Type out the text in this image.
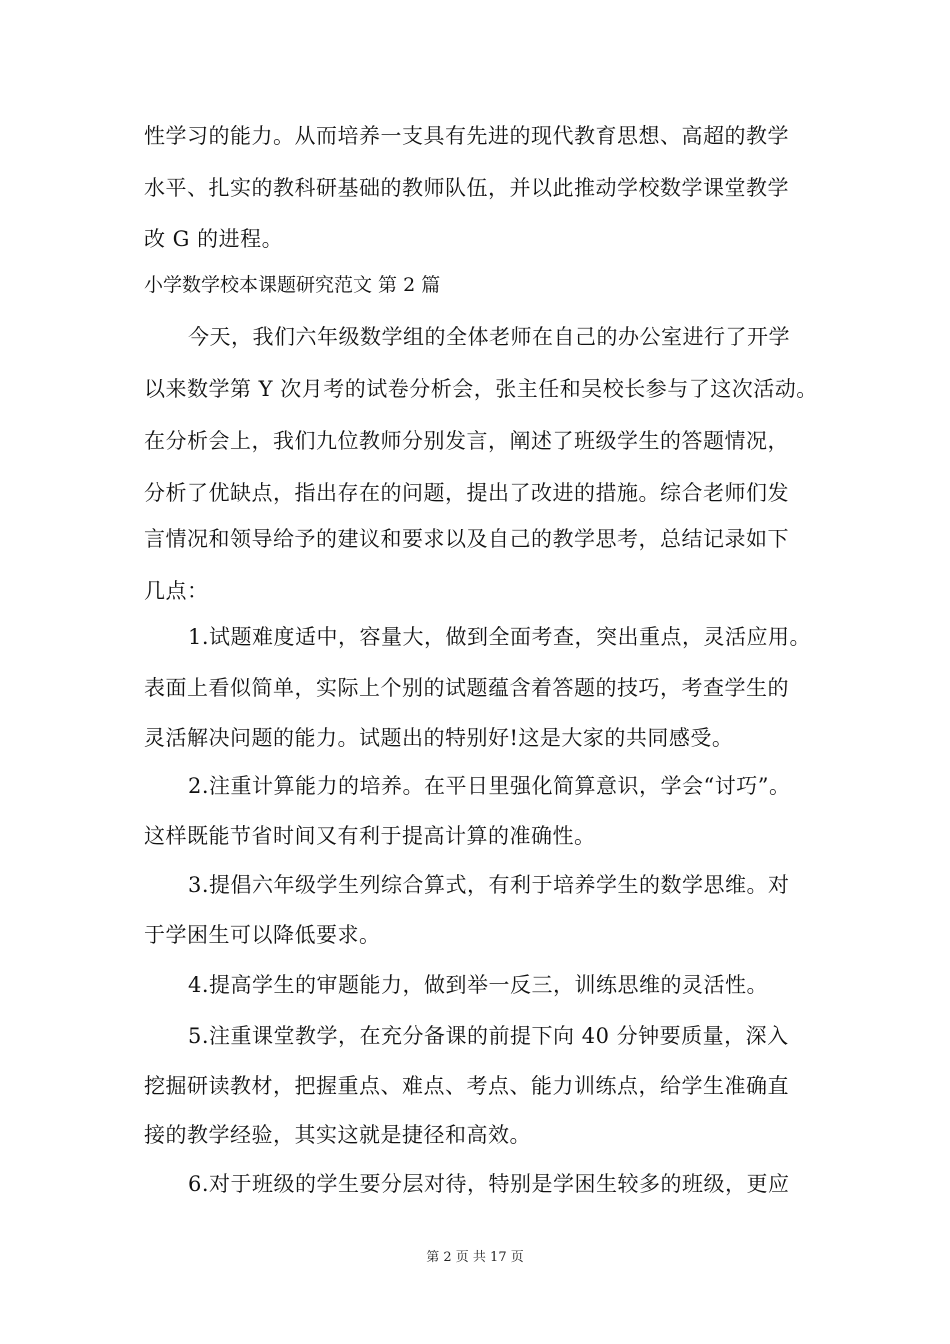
性学习的能力。从而培养一支具有先进的现代教育思想、高超的教学
水平、扎实的教科研基础的教师队伍，并以此推动学校数学课堂教学
改 G 的进程。
小学数学校本课题研究范文 第 2 篇
今天，我们六年级数学组的全体老师在自己的办公室进行了开学
以来数学第 Y 次月考的试卷分析会，张主任和吴校长参与了这次活动。
在分析会上，我们九位教师分别发言，阐述了班级学生的答题情况，
分析了优缺点，指出存在的问题，提出了改进的措施。综合老师们发
言情况和领导给予的建议和要求以及自己的教学思考，总结记录如下
几点：
1.试题难度适中，容量大，做到全面考查，突出重点，灵活应用。
表面上看似简单，实际上个别的试题蕴含着答题的技巧，考查学生的
灵活解决问题的能力。试题出的特别好!这是大家的共同感受。
2.注重计算能力的培养。在平日里强化简算意识，学会“讨巧”。
这样既能节省时间又有利于提高计算的准确性。
3.提倡六年级学生列综合算式，有利于培养学生的数学思维。对
于学困生可以降低要求。
4.提高学生的审题能力，做到举一反三，训练思维的灵活性。
5.注重课堂教学，在充分备课的前提下向 40 分钟要质量，深入
挖掘研读教材，把握重点、难点、考点、能力训练点，给学生准确直
接的教学经验，其实这就是捷径和高效。
6.对于班级的学生要分层对待，特别是学困生较多的班级，更应
第 2 页 共 17 页
